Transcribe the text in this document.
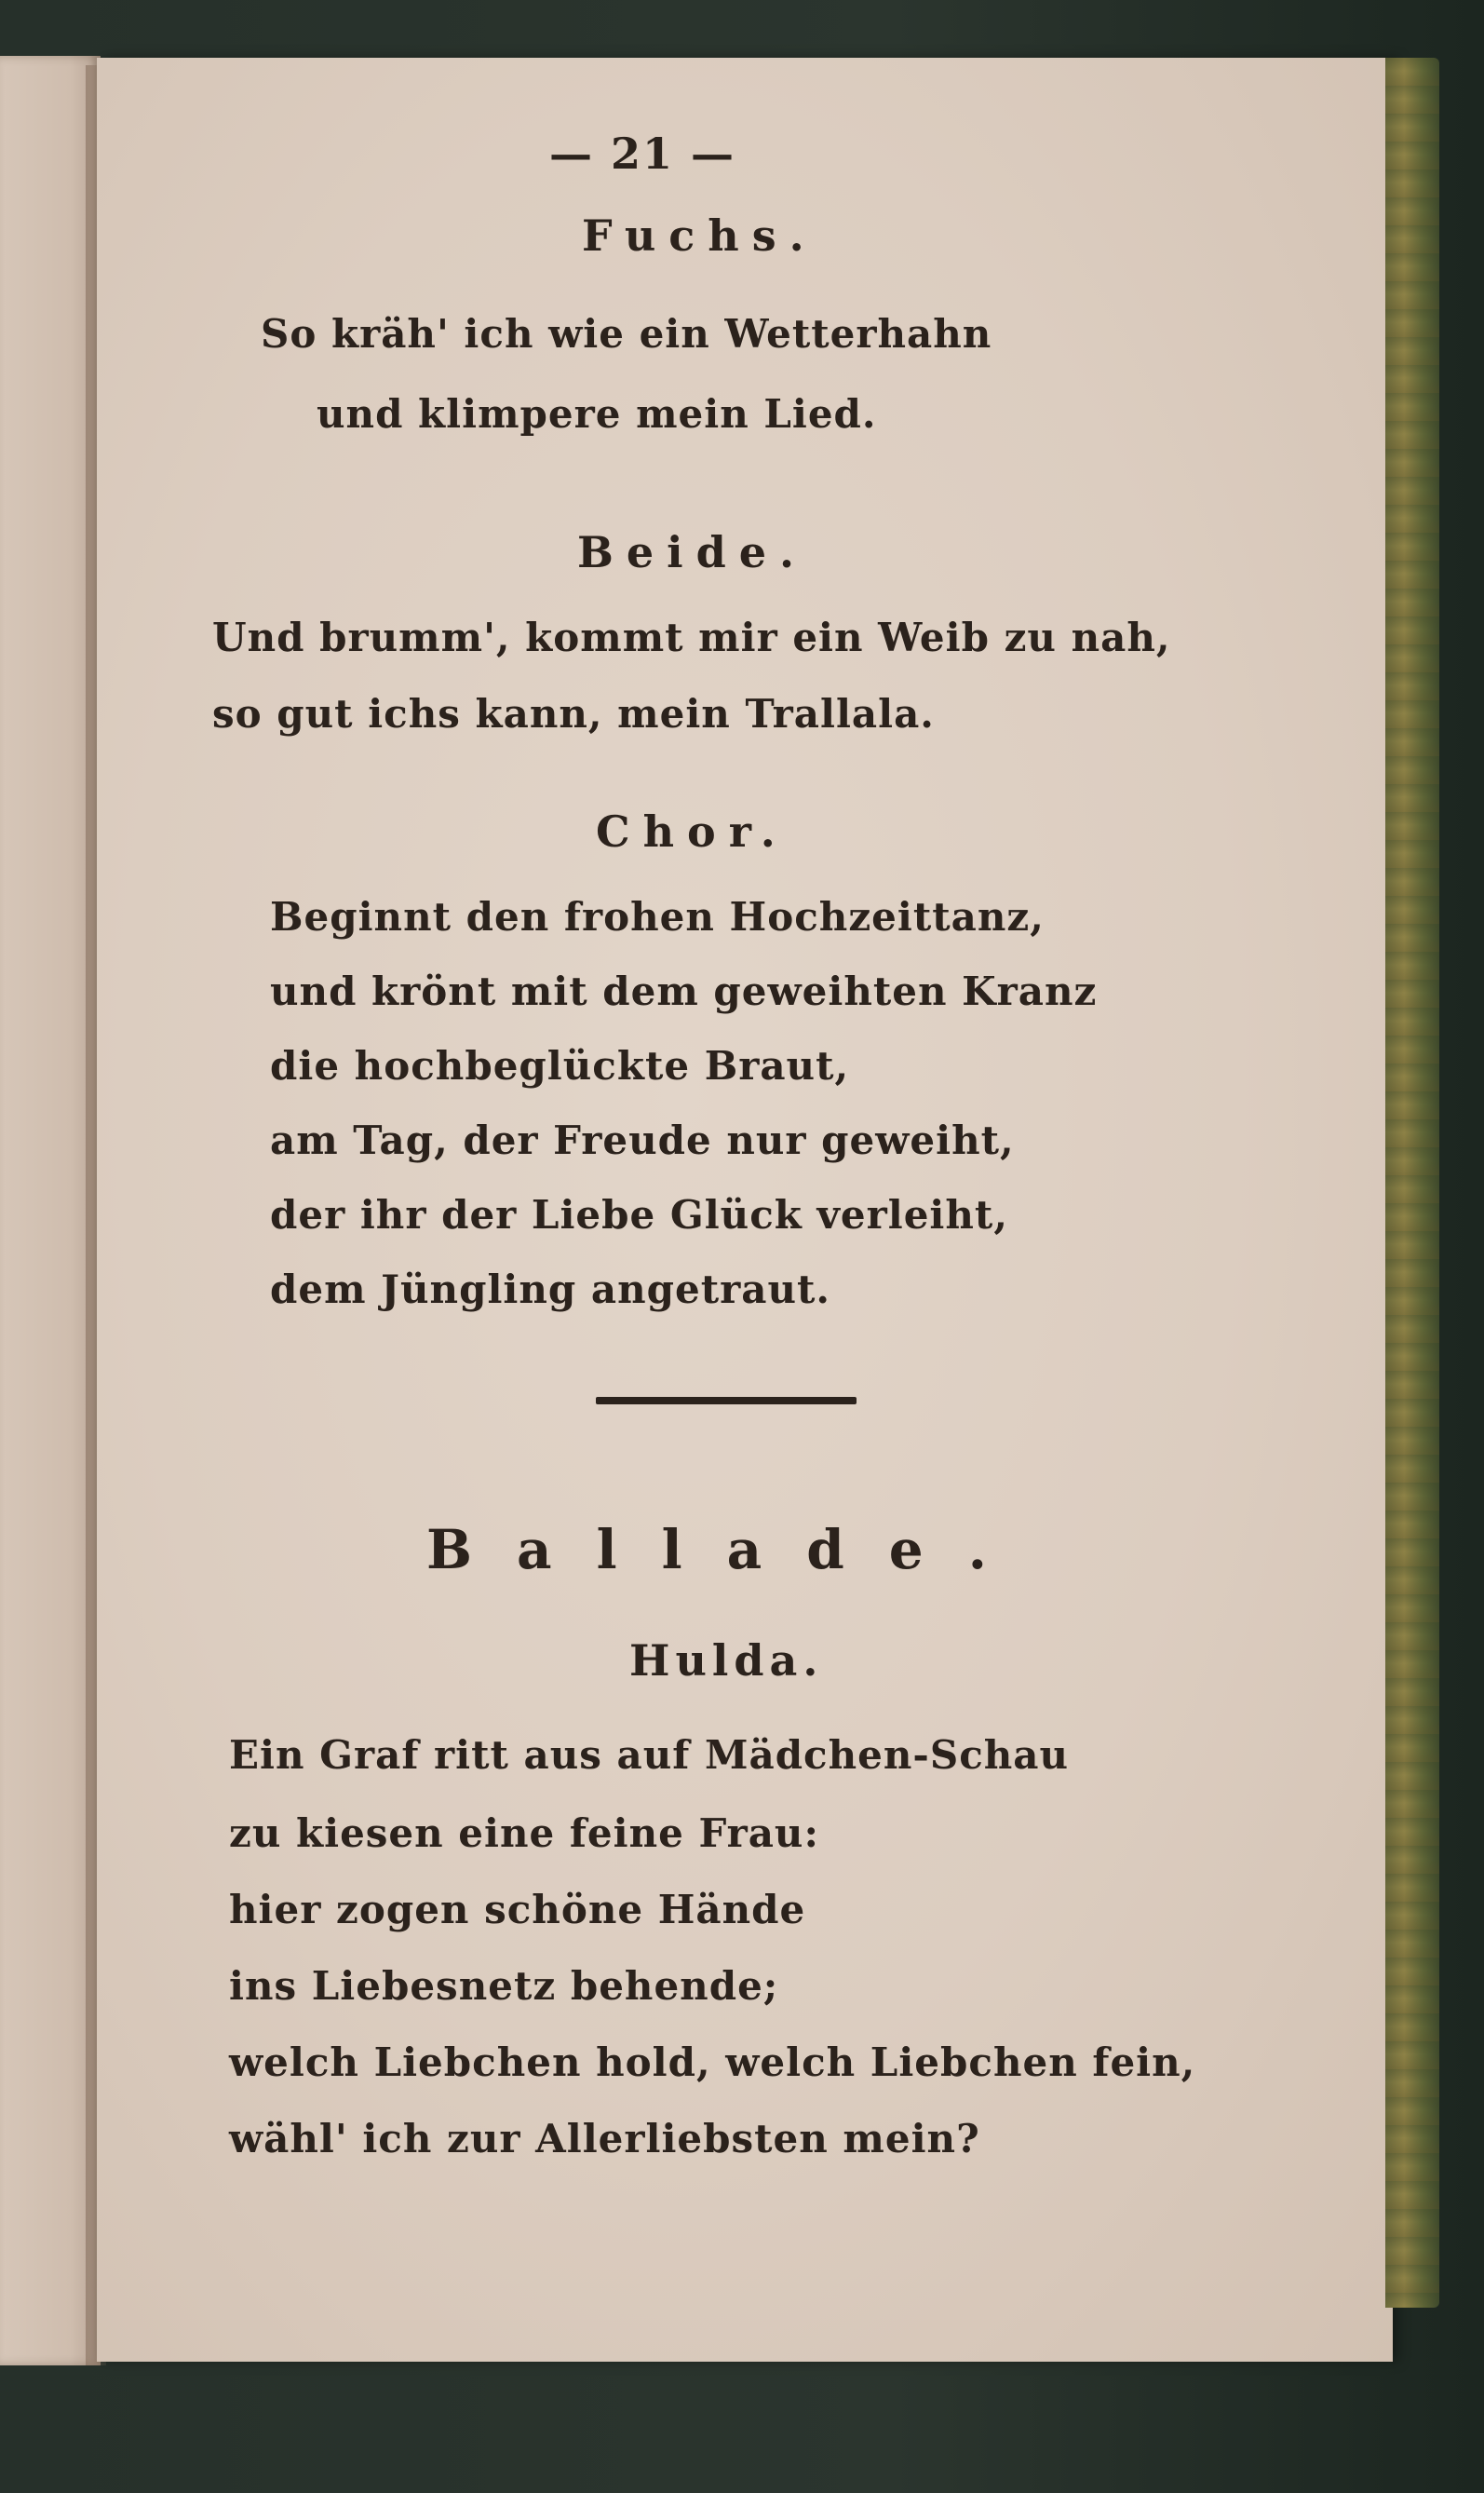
— 21 —
Fuchs.
So kräh' ich wie ein Wetterhahn
und klimpere mein Lied.
Beide.
Und brumm', kommt mir ein Weib zu nah,
so gut ichs kann, mein Trallala.
Chor.
Beginnt den frohen Hochzeittanz,
und krönt mit dem geweihten Kranz
die hochbeglückte Braut,
am Tag, der Freude nur geweiht,
der ihr der Liebe Glück verleiht,
dem Jüngling angetraut.
Ballade.
Hulda.
Ein Graf ritt aus auf Mädchen-Schau
zu kiesen eine feine Frau:
hier zogen schöne Hände
ins Liebesnetz behende;
welch Liebchen hold, welch Liebchen fein,
wähl' ich zur Allerliebsten mein?
